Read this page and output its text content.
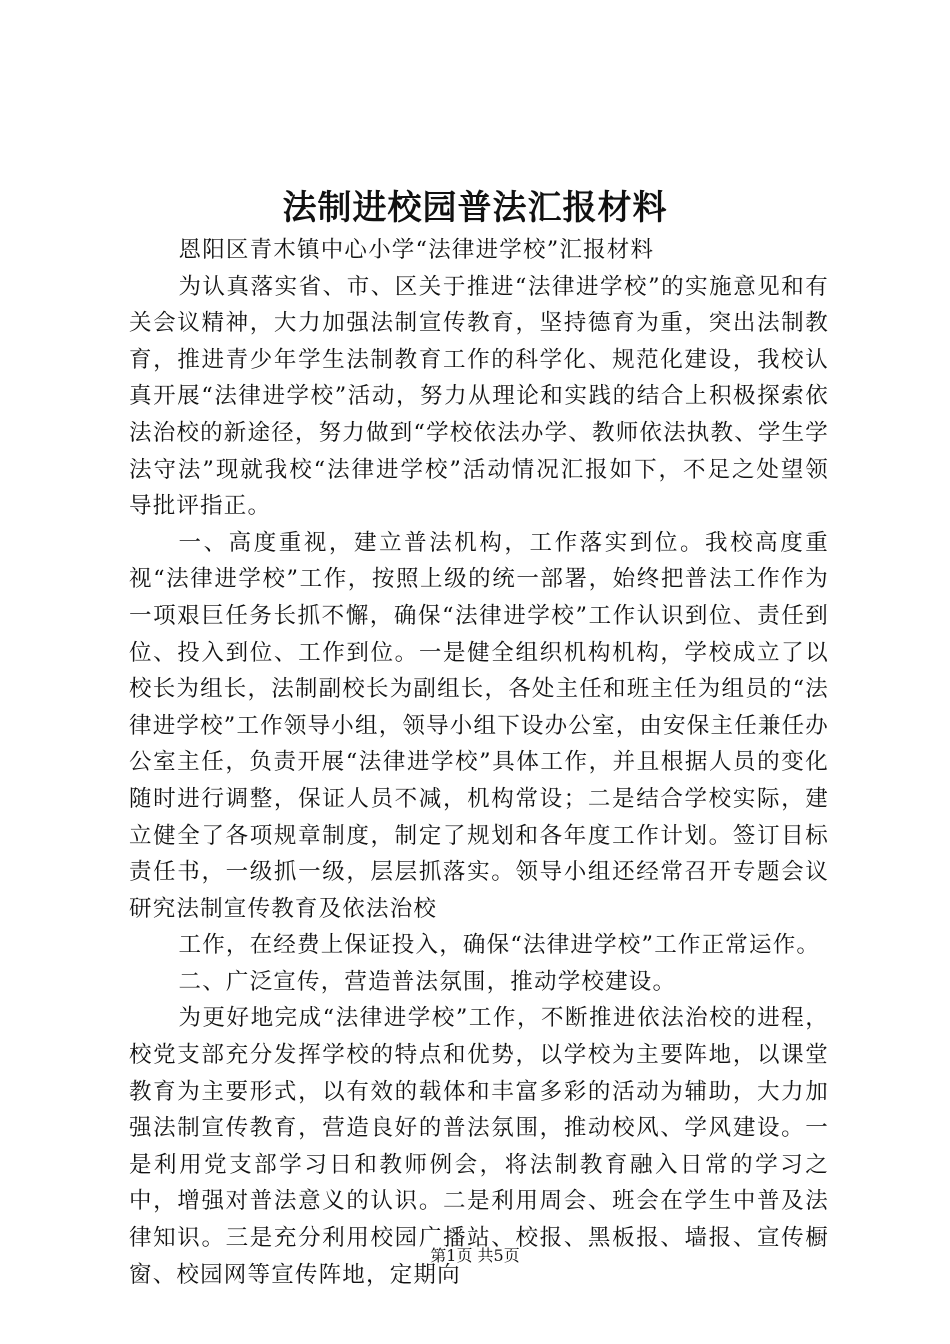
法制进校园普法汇报材料

恩阳区青木镇中心小学“法律进学校”汇报材料

为认真落实省、市、区关于推进“法律进学校”的实施意见和有关会议精神，大力加强法制宣传教育，坚持德育为重，突出法制教育，推进青少年学生法制教育工作的科学化、规范化建设，我校认真开展“法律进学校”活动，努力从理论和实践的结合上积极探索依法治校的新途径，努力做到“学校依法办学、教师依法执教、学生学法守法”现就我校“法律进学校”活动情况汇报如下，不足之处望领导批评指正。

一、高度重视，建立普法机构，工作落实到位。我校高度重视“法律进学校”工作，按照上级的统一部署，始终把普法工作作为一项艰巨任务长抓不懈，确保“法律进学校”工作认识到位、责任到位、投入到位、工作到位。一是健全组织机构机构，学校成立了以校长为组长，法制副校长为副组长，各处主任和班主任为组员的“法律进学校”工作领导小组，领导小组下设办公室，由安保主任兼任办公室主任，负责开展“法律进学校”具体工作，并且根据人员的变化随时进行调整，保证人员不减，机构常设；二是结合学校实际，建立健全了各项规章制度，制定了规划和各年度工作计划。签订目标责任书，一级抓一级，层层抓落实。领导小组还经常召开专题会议研究法制宣传教育及依法治校

工作，在经费上保证投入，确保“法律进学校”工作正常运作。

二、广泛宣传，营造普法氛围，推动学校建设。

为更好地完成“法律进学校”工作，不断推进依法治校的进程，校党支部充分发挥学校的特点和优势，以学校为主要阵地，以课堂教育为主要形式，以有效的载体和丰富多彩的活动为辅助，大力加强法制宣传教育，营造良好的普法氛围，推动校风、学风建设。一是利用党支部学习日和教师例会，将法制教育融入日常的学习之中，增强对普法意义的认识。二是利用周会、班会在学生中普及法律知识。三是充分利用校园广播站、校报、黑板报、墙报、宣传橱窗、校园网等宣传阵地，定期向

第1页 共5页
